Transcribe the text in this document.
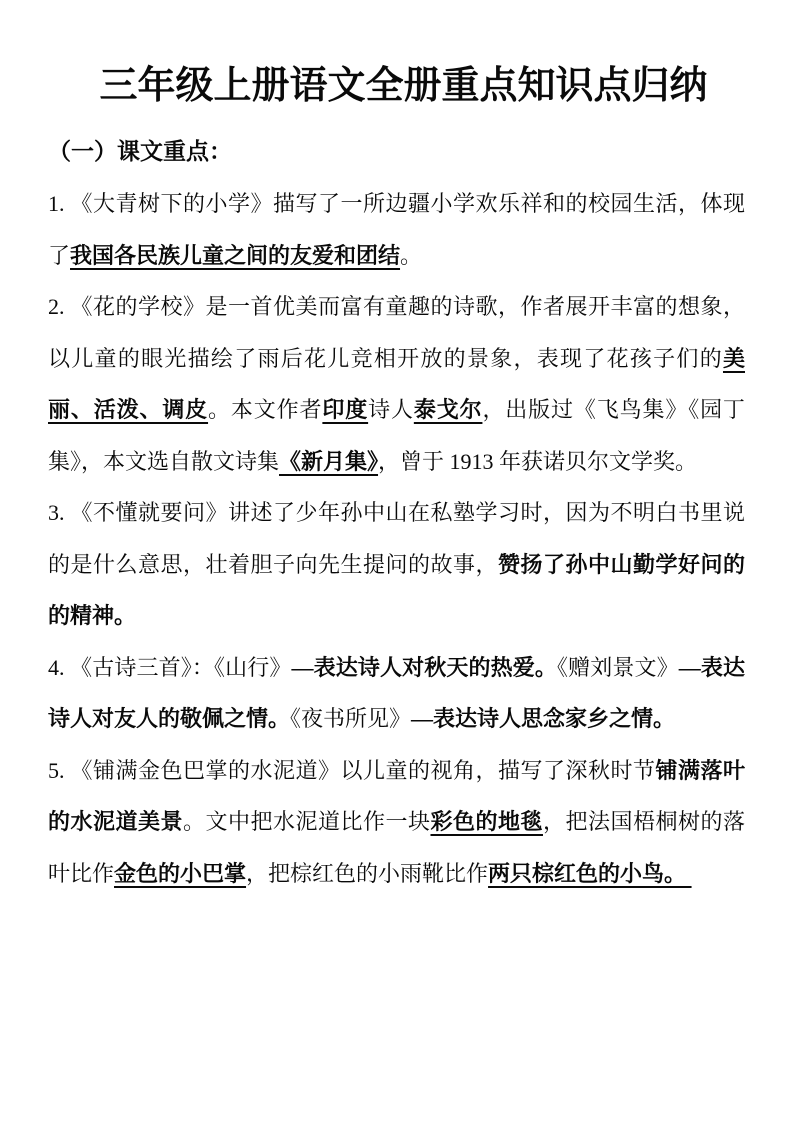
三年级上册语文全册重点知识点归纳
（一）课文重点：

1. 《大青树下的小学》描写了一所边疆小学欢乐祥和的校园生活，体现了我国各民族儿童之间的友爱和团结。

2. 《花的学校》是一首优美而富有童趣的诗歌，作者展开丰富的想象，以儿童的眼光描绘了雨后花儿竞相开放的景象，表现了花孩子们的美丽、活泼、调皮。本文作者印度诗人泰戈尔，出版过《飞鸟集》《园丁集》，本文选自散文诗集《新月集》，曾于 1913 年获诺贝尔文学奖。

3. 《不懂就要问》讲述了少年孙中山在私塾学习时，因为不明白书里说的是什么意思，壮着胆子向先生提问的故事，赞扬了孙中山勤学好问的的精神。

4. 《古诗三首》：《山行》—表达诗人对秋天的热爱。《赠刘景文》—表达诗人对友人的敬佩之情。《夜书所见》—表达诗人思念家乡之情。

5. 《铺满金色巴掌的水泥道》以儿童的视角，描写了深秋时节铺满落叶的水泥道美景。文中把水泥道比作一块彩色的地毯，把法国梧桐树的落叶比作金色的小巴掌，把棕红色的小雨靴比作两只棕红色的小鸟。
